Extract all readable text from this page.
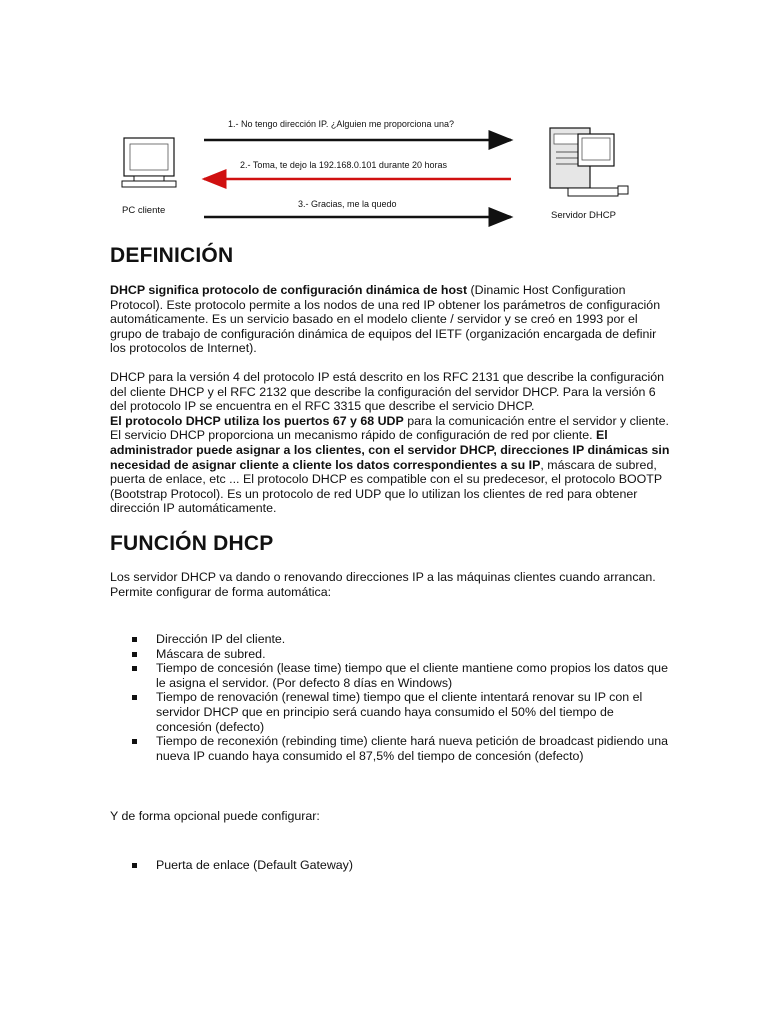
1.- No tengo dirección IP. ¿Alguien me proporciona una?
2.- Toma, te dejo la 192.168.0.101 durante 20 horas
3.- Gracias, me la quedo
PC cliente	Servidor DHCP
DEFINICIÓN

DHCP significa protocolo de configuración dinámica de host (Dinamic Host Configuration Protocol). Este protocolo permite a los nodos de una red IP obtener los parámetros de configuración automáticamente. Es un servicio basado en el modelo cliente / servidor y se creó en 1993 por el grupo de trabajo de configuración dinámica de equipos del IETF (organización encargada de definir los protocolos de Internet).

DHCP para la versión 4 del protocolo IP está descrito en los RFC 2131 que describe la configuración del cliente DHCP y el RFC 2132 que describe la configuración del servidor DHCP. Para la versión 6 del protocolo IP se encuentra en el RFC 3315 que describe el servicio DHCP.

El protocolo DHCP utiliza los puertos 67 y 68 UDP para la comunicación entre el servidor y cliente.

El servicio DHCP proporciona un mecanismo rápido de configuración de red por cliente. El administrador puede asignar a los clientes, con el servidor DHCP, direcciones IP dinámicas sin necesidad de asignar cliente a cliente los datos correspondientes a su IP, máscara de subred, puerta de enlace, etc ... El protocolo DHCP es compatible con el su predecesor, el protocolo BOOTP (Bootstrap Protocol). Es un protocolo de red UDP que lo utilizan los clientes de red para obtener dirección IP automáticamente.

FUNCIÓN DHCP

Los servidor DHCP va dando o renovando direcciones IP a las máquinas clientes cuando arrancan. Permite configurar de forma automática:

Dirección IP del cliente.
Máscara de subred.
Tiempo de concesión (lease time) tiempo que el cliente mantiene como propios los datos que le asigna el servidor. (Por defecto 8 días en Windows)
Tiempo de renovación (renewal time) tiempo que el cliente intentará renovar su IP con el servidor DHCP que en principio será cuando haya consumido el 50% del tiempo de concesión (defecto)
Tiempo de reconexión (rebinding time) cliente hará nueva petición de broadcast pidiendo una nueva IP cuando haya consumido el 87,5% del tiempo de concesión (defecto)

Y de forma opcional puede configurar:

Puerta de enlace (Default Gateway)
